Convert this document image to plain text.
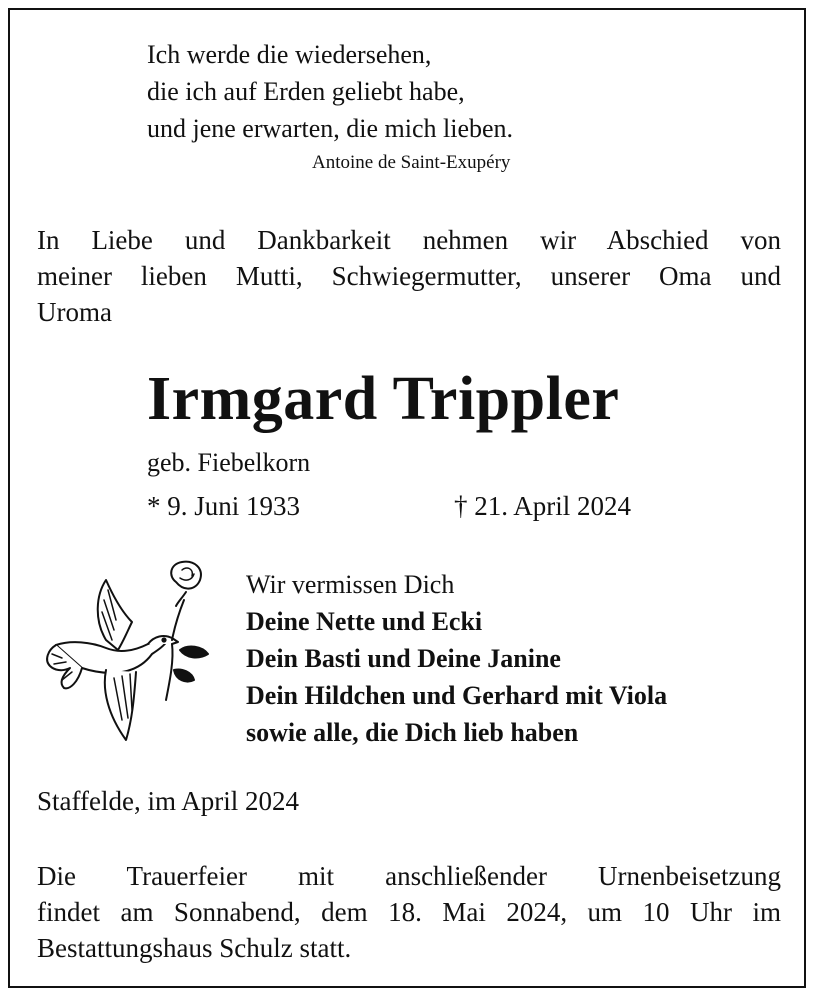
Ich werde die wiedersehen,
die ich auf Erden geliebt habe,
und jene erwarten, die mich lieben.
Antoine de Saint-Exupéry
In Liebe und Dankbarkeit nehmen wir Abschied von
meiner lieben Mutti, Schwiegermutter, unserer Oma und
Uroma
Irmgard Trippler
geb. Fiebelkorn
* 9. Juni 1933	† 21. April 2024
Wir vermissen Dich
Deine Nette und Ecki
Dein Basti und Deine Janine
Dein Hildchen und Gerhard mit Viola
sowie alle, die Dich lieb haben
Staffelde, im April 2024
Die Trauerfeier mit anschließender Urnenbeisetzung
findet am Sonnabend, dem 18. Mai 2024, um 10 Uhr im
Bestattungshaus Schulz statt.
